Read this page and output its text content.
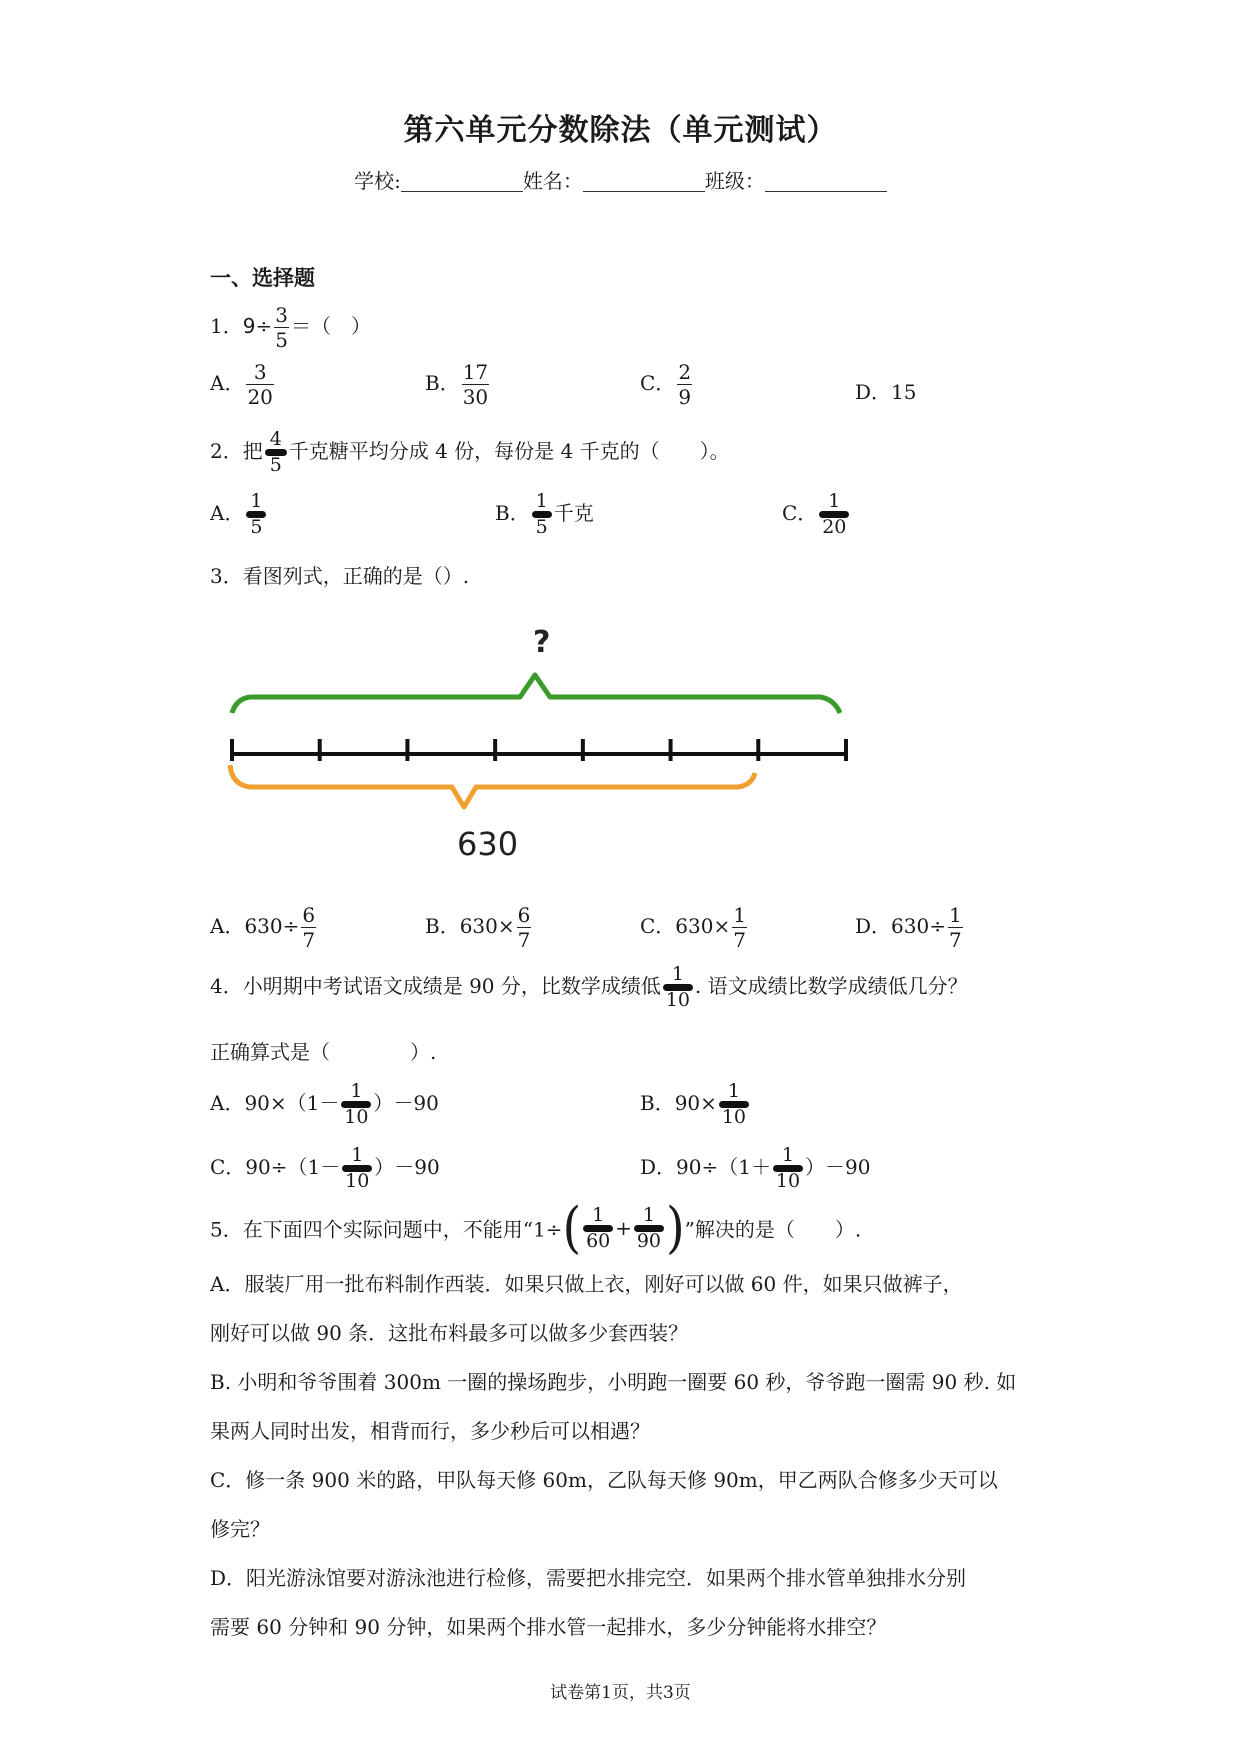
第六单元分数除法（单元测试）
学校:	姓名：	班级：
一、选择题
1．$9\div \frac{3}{5}$ ＝（　）
A． $\frac{3}{20}$	B． $\frac{17}{30}$	C． $\frac{2}{9}$	D．15
2．把 4
5
千克糖平均分成 4 份，每份是 4 千克的（　　）。
A． 1
5
B． 1
5
千克	C． 1
20
3．看图列式，正确的是（）.
?
630
A．$630\div \frac{6}{7}$	B．$630\times \frac{6}{7}$	C．$630\times \frac{1}{7}$	D．$630\div \frac{1}{7}$
4．小明期中考试语文成绩是 90 分，比数学成绩低 1
10
. 语文成绩比数学成绩低几分？
正确算式是（　　　　）.
A．90×（1－ 1
10
）－90	B．90× 1
10
C．90÷（1－ 1
10
）－90	D．90÷（1＋ 1
10
）－90
5．在下面四个实际问题中，不能用“1÷( 1
60
+
1
90 )”解决的是（　　）.
A．服装厂用一批布料制作西装．如果只做上衣，刚好可以做 60 件，如果只做裤子，
刚好可以做 90 条．这批布料最多可以做多少套西装？
B. 小明和爷爷围着 300m 一圈的操场跑步，小明跑一圈要 60 秒，爷爷跑一圈需 90 秒. 如
果两人同时出发，相背而行，多少秒后可以相遇？
C．修一条 900 米的路，甲队每天修 60m，乙队每天修 90m，甲乙两队合修多少天可以
修完？
D．阳光游泳馆要对游泳池进行检修，需要把水排完空．如果两个排水管单独排水分别
需要 60 分钟和 90 分钟，如果两个排水管一起排水，多少分钟能将水排空？
试卷第1页，共3页
